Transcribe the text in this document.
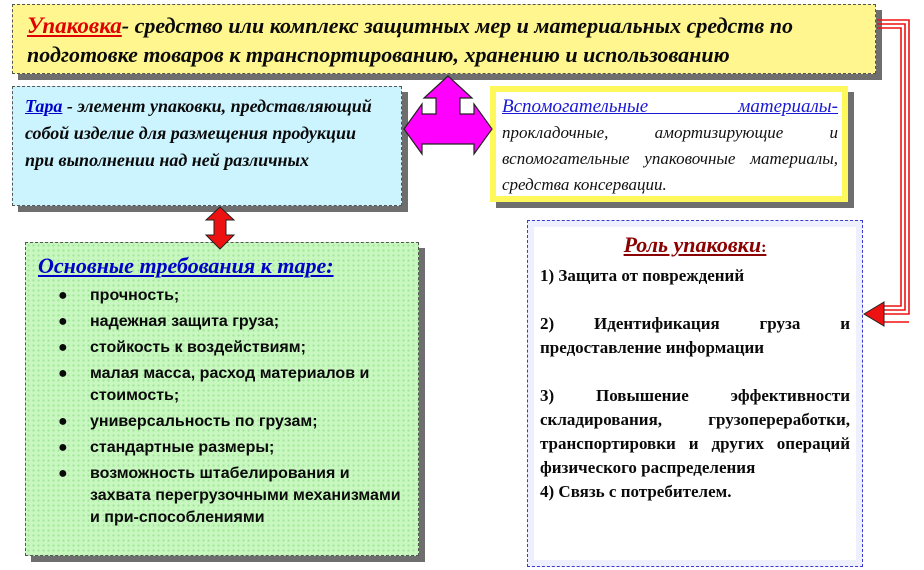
Упаковка- средство или комплекс защитных мер и материальных средств по подготовке товаров к транспортированию, хранению и использованию
Тара - элемент упаковки, представляющий собой изделие для размещения продукции при выполнении над ней различных
Вспомогательные материалы- прокладочные, амортизирующие и вспомогательные упаковочные материалы, средства консервации.
Основные требования к таре:
● прочность;
● надежная защита груза;
● стойкость к воздействиям;
● малая масса, расход материалов и стоимость;
● универсальность по грузам;
● стандартные размеры;
● возможность штабелирования и захвата перегрузочными механизмами и при-способлениями
Роль упаковки:

1) Защита от повреждений

2) Идентификация груза и предоставление информации

3) Повышение эффективности складирования, грузопереработки, транспортировки и других операций физического распределения

4) Связь с потребителем.
